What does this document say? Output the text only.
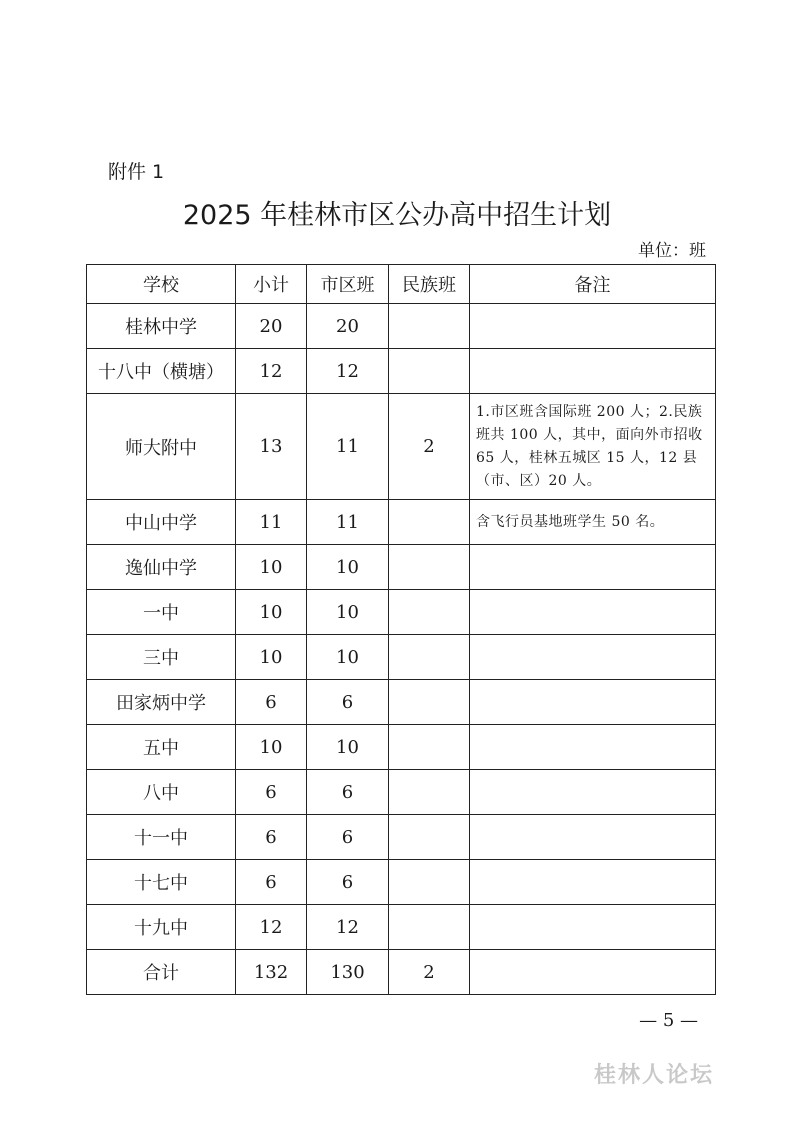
附件 1
2025 年桂林市区公办高中招生计划
单位：班
学校	小计	市区班	民族班	备注
桂林中学	20	20		
十八中（横塘）	12	12		
师大附中	13	11	2	1.市区班含国际班 200 人；2.民族班共 100 人，其中，面向外市招收 65 人，桂林五城区 15 人，12 县（市、区）20 人。
中山中学	11	11		含飞行员基地班学生 50 名。
逸仙中学	10	10		
一中	10	10		
三中	10	10		
田家炳中学	6	6		
五中	10	10		
八中	6	6		
十一中	6	6		
十七中	6	6		
十九中	12	12		
合计	132	130	2	
— 5 —
桂林人论坛
